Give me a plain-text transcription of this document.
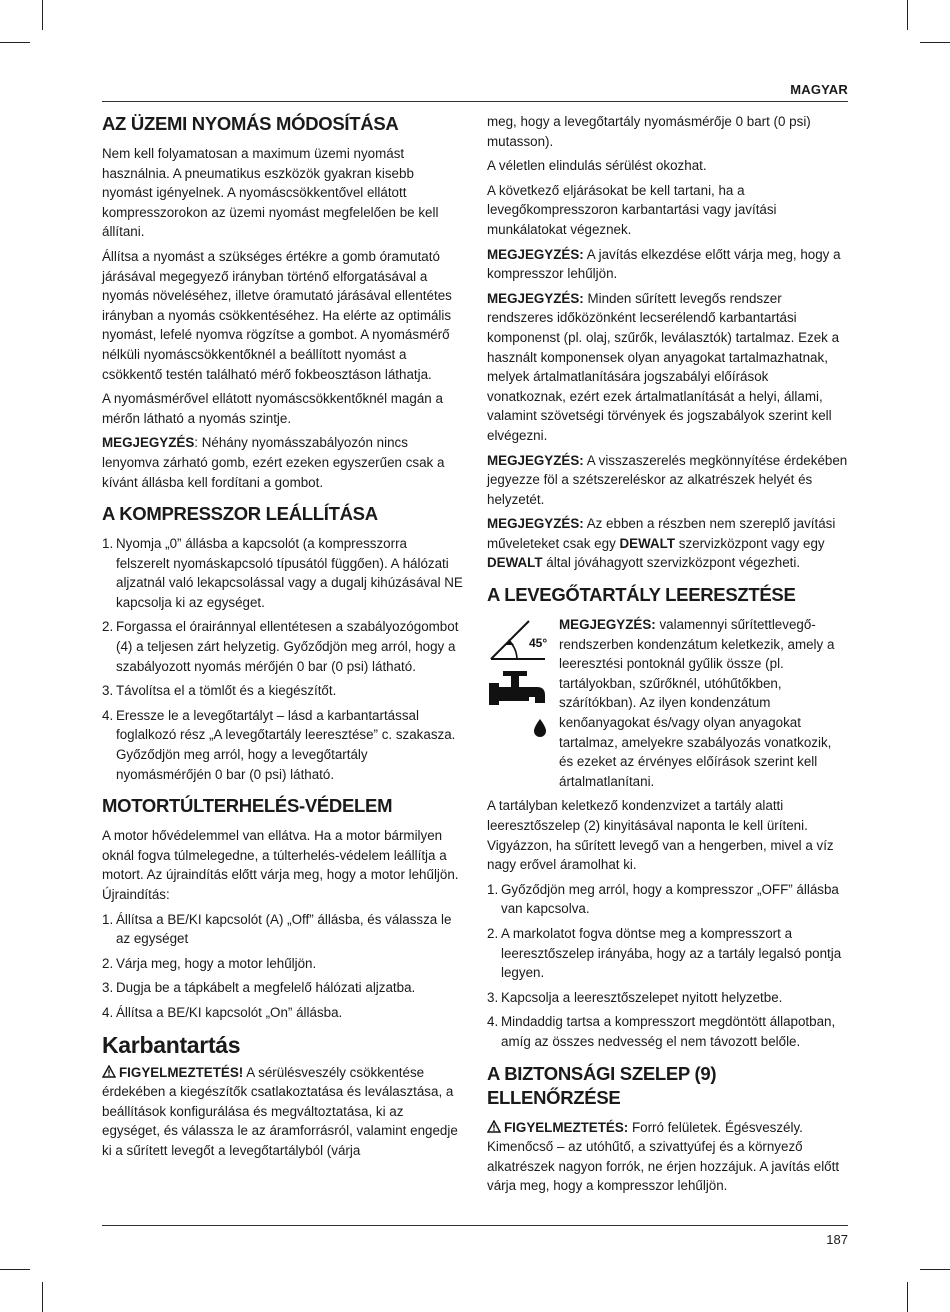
MAGYAR
AZ ÜZEMI NYOMÁS MÓDOSÍTÁSA

Nem kell folyamatosan a maximum üzemi nyomást használnia. A pneumatikus eszközök gyakran kisebb nyomást igényelnek. A nyomáscsökkentővel ellátott kompresszorokon az üzemi nyomást megfelelően be kell állítani.

Állítsa a nyomást a szükséges értékre a gomb óramutató járásával megegyező irányban történő elforgatásával a nyomás növeléséhez, illetve óramutató járásával ellentétes irányban a nyomás csökkentéséhez. Ha elérte az optimális nyomást, lefelé nyomva rögzítse a gombot. A nyomásmérő nélküli nyomáscsökkentőknél a beállított nyomást a csökkentő testén található mérő fokbeosztáson láthatja.

A nyomásmérővel ellátott nyomáscsökkentőknél magán a mérőn látható a nyomás szintje.

MEGJEGYZÉS: Néhány nyomásszabályozón nincs lenyomva zárható gomb, ezért ezeken egyszerűen csak a kívánt állásba kell fordítani a gombot.

A KOMPRESSZOR LEÁLLÍTÁSA
1. Nyomja „0” állásba a kapcsolót (a kompresszorra felszerelt nyomáskapcsoló típusától függően). A hálózati aljzatnál való lekapcsolással vagy a dugalj kihúzásával NE kapcsolja ki az egységet.
2. Forgassa el órairánnyal ellentétesen a szabályozógombot (4) a teljesen zárt helyzetig. Győződjön meg arról, hogy a szabályozott nyomás mérőjén 0 bar (0 psi) látható.
3. Távolítsa el a tömlőt és a kiegészítőt.
4. Eressze le a levegőtartályt – lásd a karbantartással foglalkozó rész „A levegőtartály leeresztése” c. szakasza. Győződjön meg arról, hogy a levegőtartály nyomásmérőjén 0 bar (0 psi) látható.
MOTORTÚLTERHELÉS-VÉDELEM

A motor hővédelemmel van ellátva. Ha a motor bármilyen oknál fogva túlmelegedne, a túlterhelés-védelem leállítja a motort. Az újraindítás előtt várja meg, hogy a motor lehűljön. Újraindítás:

1. Állítsa a BE/KI kapcsolót (A) „Off” állásba, és válassza le az egységet
2. Várja meg, hogy a motor lehűljön.
3. Dugja be a tápkábelt a megfelelő hálózati aljzatba.
4. Állítsa a BE/KI kapcsolót „On” állásba.
Karbantartás

FIGYELMEZTETÉS! A sérülésveszély csökkentése érdekében a kiegészítők csatlakoztatása és leválasztása, a beállítások konfigurálása és megváltoztatása, ki az egységet, és válassza le az áramforrásról, valamint engedje ki a sűrített levegőt a levegőtartályból (várja

meg, hogy a levegőtartály nyomásmérője 0 bart (0 psi) mutasson).

A véletlen elindulás sérülést okozhat.

A következő eljárásokat be kell tartani, ha a levegőkompresszoron karbantartási vagy javítási munkálatokat végeznek.

MEGJEGYZÉS: A javítás elkezdése előtt várja meg, hogy a kompresszor lehűljön.

MEGJEGYZÉS: Minden sűrített levegős rendszer rendszeres időközönként lecserélendő karbantartási komponenst (pl. olaj, szűrők, leválasztók) tartalmaz. Ezek a használt komponensek olyan anyagokat tartalmazhatnak, melyek ártalmatlanítására jogszabályi előírások vonatkoznak, ezért ezek ártalmatlanítását a helyi, állami, valamint szövetségi törvények és jogszabályok szerint kell elvégezni.

MEGJEGYZÉS: A visszaszerelés megkönnyítése érdekében jegyezze föl a szétszereléskor az alkatrészek helyét és helyzetét.

MEGJEGYZÉS: Az ebben a részben nem szereplő javítási műveleteket csak egy DEWALT szervizközpont vagy egy DEWALT által jóváhagyott szervizközpont végezheti.

A LEVEGŐTARTÁLY LEERESZTÉSE
45°

MEGJEGYZÉS: valamennyi sűrítettlevegő-rendszerben kondenzátum keletkezik, amely a leeresztési pontoknál gyűlik össze (pl. tartályokban, szűrőknél, utóhűtőkben, szárítókban). Az ilyen kondenzátum kenőanyagokat és/vagy olyan anyagokat tartalmaz, amelyekre szabályozás vonatkozik, és ezeket az érvényes előírások szerint kell ártalmatlanítani.

A tartályban keletkező kondenzvizet a tartály alatti leeresztőszelep (2) kinyitásával naponta le kell üríteni. Vigyázzon, ha sűrített levegő van a hengerben, mivel a víz nagy erővel áramolhat ki.

1. Győződjön meg arról, hogy a kompresszor „OFF” állásba van kapcsolva.
2. A markolatot fogva döntse meg a kompresszort a leeresztőszelep irányába, hogy az a tartály legalsó pontja legyen.
3. Kapcsolja a leeresztőszelepet nyitott helyzetbe.
4. Mindaddig tartsa a kompresszort megdöntött állapotban, amíg az összes nedvesség el nem távozott belőle.
A BIZTONSÁGI SZELEP (9) ELLENŐRZÉSE

FIGYELMEZTETÉS: Forró felületek. Égésveszély. Kimenőcső – az utóhűtő, a szivattyúfej és a környező alkatrészek nagyon forrók, ne érjen hozzájuk. A javítás előtt várja meg, hogy a kompresszor lehűljön.

187
